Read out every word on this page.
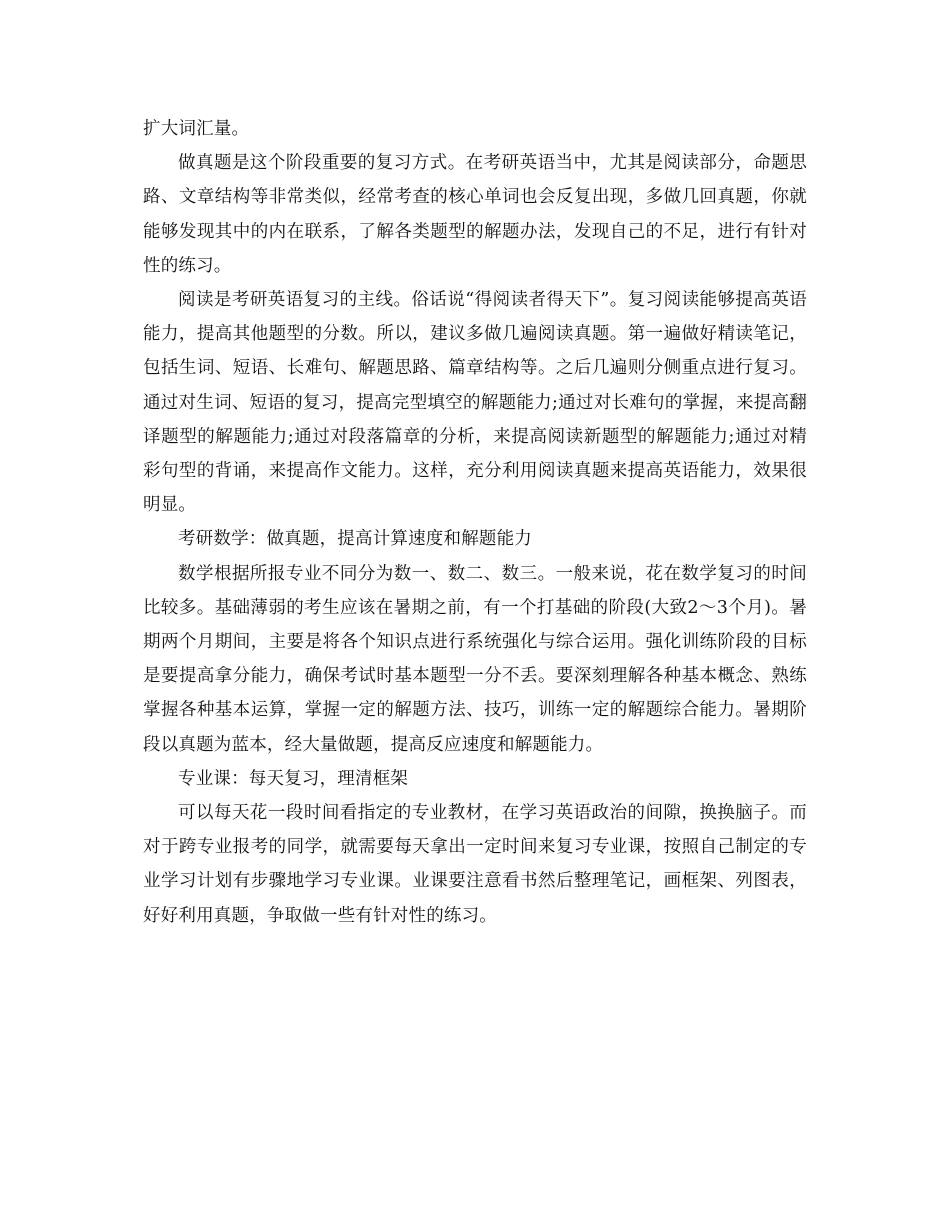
扩大词汇量。

做真题是这个阶段重要的复习方式。在考研英语当中，尤其是阅读部分，命题思路、文章结构等非常类似，经常考查的核心单词也会反复出现，多做几回真题，你就能够发现其中的内在联系，了解各类题型的解题办法，发现自己的不足，进行有针对性的练习。

阅读是考研英语复习的主线。俗话说“得阅读者得天下”。复习阅读能够提高英语能力，提高其他题型的分数。所以，建议多做几遍阅读真题。第一遍做好精读笔记，包括生词、短语、长难句、解题思路、篇章结构等。之后几遍则分侧重点进行复习。通过对生词、短语的复习，提高完型填空的解题能力;通过对长难句的掌握，来提高翻译题型的解题能力;通过对段落篇章的分析，来提高阅读新题型的解题能力;通过对精彩句型的背诵，来提高作文能力。这样，充分利用阅读真题来提高英语能力，效果很明显。

考研数学：做真题，提高计算速度和解题能力

数学根据所报专业不同分为数一、数二、数三。一般来说，花在数学复习的时间比较多。基础薄弱的考生应该在暑期之前，有一个打基础的阶段(大致2～3个月)。暑期两个月期间，主要是将各个知识点进行系统强化与综合运用。强化训练阶段的目标是要提高拿分能力，确保考试时基本题型一分不丢。要深刻理解各种基本概念、熟练掌握各种基本运算，掌握一定的解题方法、技巧，训练一定的解题综合能力。暑期阶段以真题为蓝本，经大量做题，提高反应速度和解题能力。

专业课：每天复习，理清框架

可以每天花一段时间看指定的专业教材，在学习英语政治的间隙，换换脑子。而对于跨专业报考的同学，就需要每天拿出一定时间来复习专业课，按照自己制定的专业学习计划有步骤地学习专业课。业课要注意看书然后整理笔记，画框架、列图表，好好利用真题，争取做一些有针对性的练习。
